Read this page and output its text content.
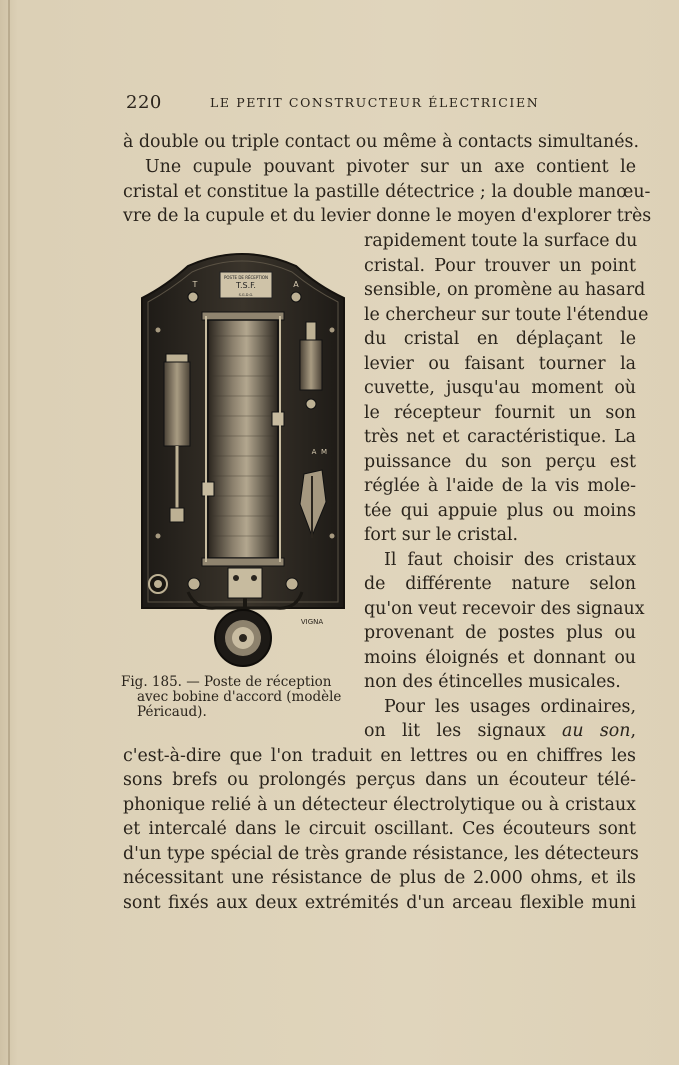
220	LE PETIT CONSTRUCTEUR ÉLECTRICIEN
à double ou triple contact ou même à contacts simultanés.
Une cupule pouvant pivoter sur un axe contient le
cristal et constitue la pastille détectrice ; la double manœu-
vre de la cupule et du levier donne le moyen d'explorer très
rapidement toute la surface du
cristal. Pour trouver un point
sensible, on promène au hasard
le chercheur sur toute l'étendue
du cristal en déplaçant le
levier ou faisant tourner la
cuvette, jusqu'au moment où
le récepteur fournit un son
très net et caractéristique. La
puissance du son perçu est
réglée à l'aide de la vis mole-
tée qui appuie plus ou moins
fort sur le cristal.
Il faut choisir des cristaux
de différente nature selon
qu'on veut recevoir des signaux
provenant de postes plus ou
moins éloignés et donnant ou
non des étincelles musicales.
Pour les usages ordinaires,
on lit les signaux au son,
c'est-à-dire que l'on traduit en lettres ou en chiffres les
sons brefs ou prolongés perçus dans un écouteur télé-
phonique relié à un détecteur électrolytique ou à cristaux
et intercalé dans le circuit oscillant. Ces écouteurs sont
d'un type spécial de très grande résistance, les détecteurs
nécessitant une résistance de plus de 2.000 ohms, et ils
sont fixés aux deux extrémités d'un arceau flexible muni
POSTE DE RÉCEPTION
T.S.F.
S.G.D.G.
T	A
A M
VIGNA
Fig. 185. — Poste de réception
avec bobine d'accord (modèle
Péricaud).
